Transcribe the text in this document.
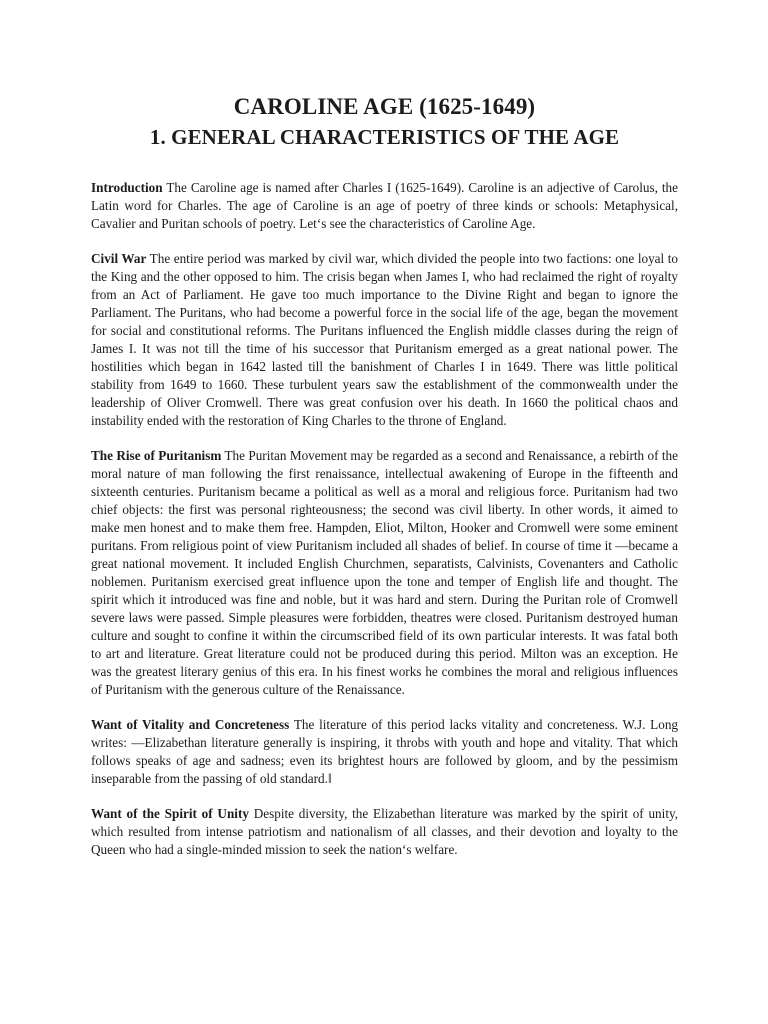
CAROLINE AGE (1625-1649)
1. GENERAL CHARACTERISTICS OF THE AGE

Introduction The Caroline age is named after Charles I (1625-1649). Caroline is an adjective of Carolus, the Latin word for Charles. The age of Caroline is an age of poetry of three kinds or schools: Metaphysical, Cavalier and Puritan schools of poetry. Let‘s see the characteristics of Caroline Age.

Civil War The entire period was marked by civil war, which divided the people into two factions: one loyal to the King and the other opposed to him. The crisis began when James I, who had reclaimed the right of royalty from an Act of Parliament. He gave too much importance to the Divine Right and began to ignore the Parliament. The Puritans, who had become a powerful force in the social life of the age, began the movement for social and constitutional reforms. The Puritans influenced the English middle classes during the reign of James I. It was not till the time of his successor that Puritanism emerged as a great national power. The hostilities which began in 1642 lasted till the banishment of Charles I in 1649. There was little political stability from 1649 to 1660. These turbulent years saw the establishment of the commonwealth under the leadership of Oliver Cromwell. There was great confusion over his death. In 1660 the political chaos and instability ended with the restoration of King Charles to the throne of England.

The Rise of Puritanism The Puritan Movement may be regarded as a second and Renaissance, a rebirth of the moral nature of man following the first renaissance, intellectual awakening of Europe in the fifteenth and sixteenth centuries. Puritanism became a political as well as a moral and religious force. Puritanism had two chief objects: the first was personal righteousness; the second was civil liberty. In other words, it aimed to make men honest and to make them free. Hampden, Eliot, Milton, Hooker and Cromwell were some eminent puritans. From religious point of view Puritanism included all shades of belief. In course of time it —became a great national movement. It included English Churchmen, separatists, Calvinists, Covenanters and Catholic noblemen. Puritanism exercised great influence upon the tone and temper of English life and thought. The spirit which it introduced was fine and noble, but it was hard and stern. During the Puritan role of Cromwell severe laws were passed. Simple pleasures were forbidden, theatres were closed. Puritanism destroyed human culture and sought to confine it within the circumscribed field of its own particular interests. It was fatal both to art and literature. Great literature could not be produced during this period. Milton was an exception. He was the greatest literary genius of this era. In his finest works he combines the moral and religious influences of Puritanism with the generous culture of the Renaissance.

Want of Vitality and Concreteness The literature of this period lacks vitality and concreteness. W.J. Long writes: —Elizabethan literature generally is inspiring, it throbs with youth and hope and vitality. That which follows speaks of age and sadness; even its brightest hours are followed by gloom, and by the pessimism inseparable from the passing of old standard.‖

Want of the Spirit of Unity Despite diversity, the Elizabethan literature was marked by the spirit of unity, which resulted from intense patriotism and nationalism of all classes, and their devotion and loyalty to the Queen who had a single-minded mission to seek the nation‘s welfare.
